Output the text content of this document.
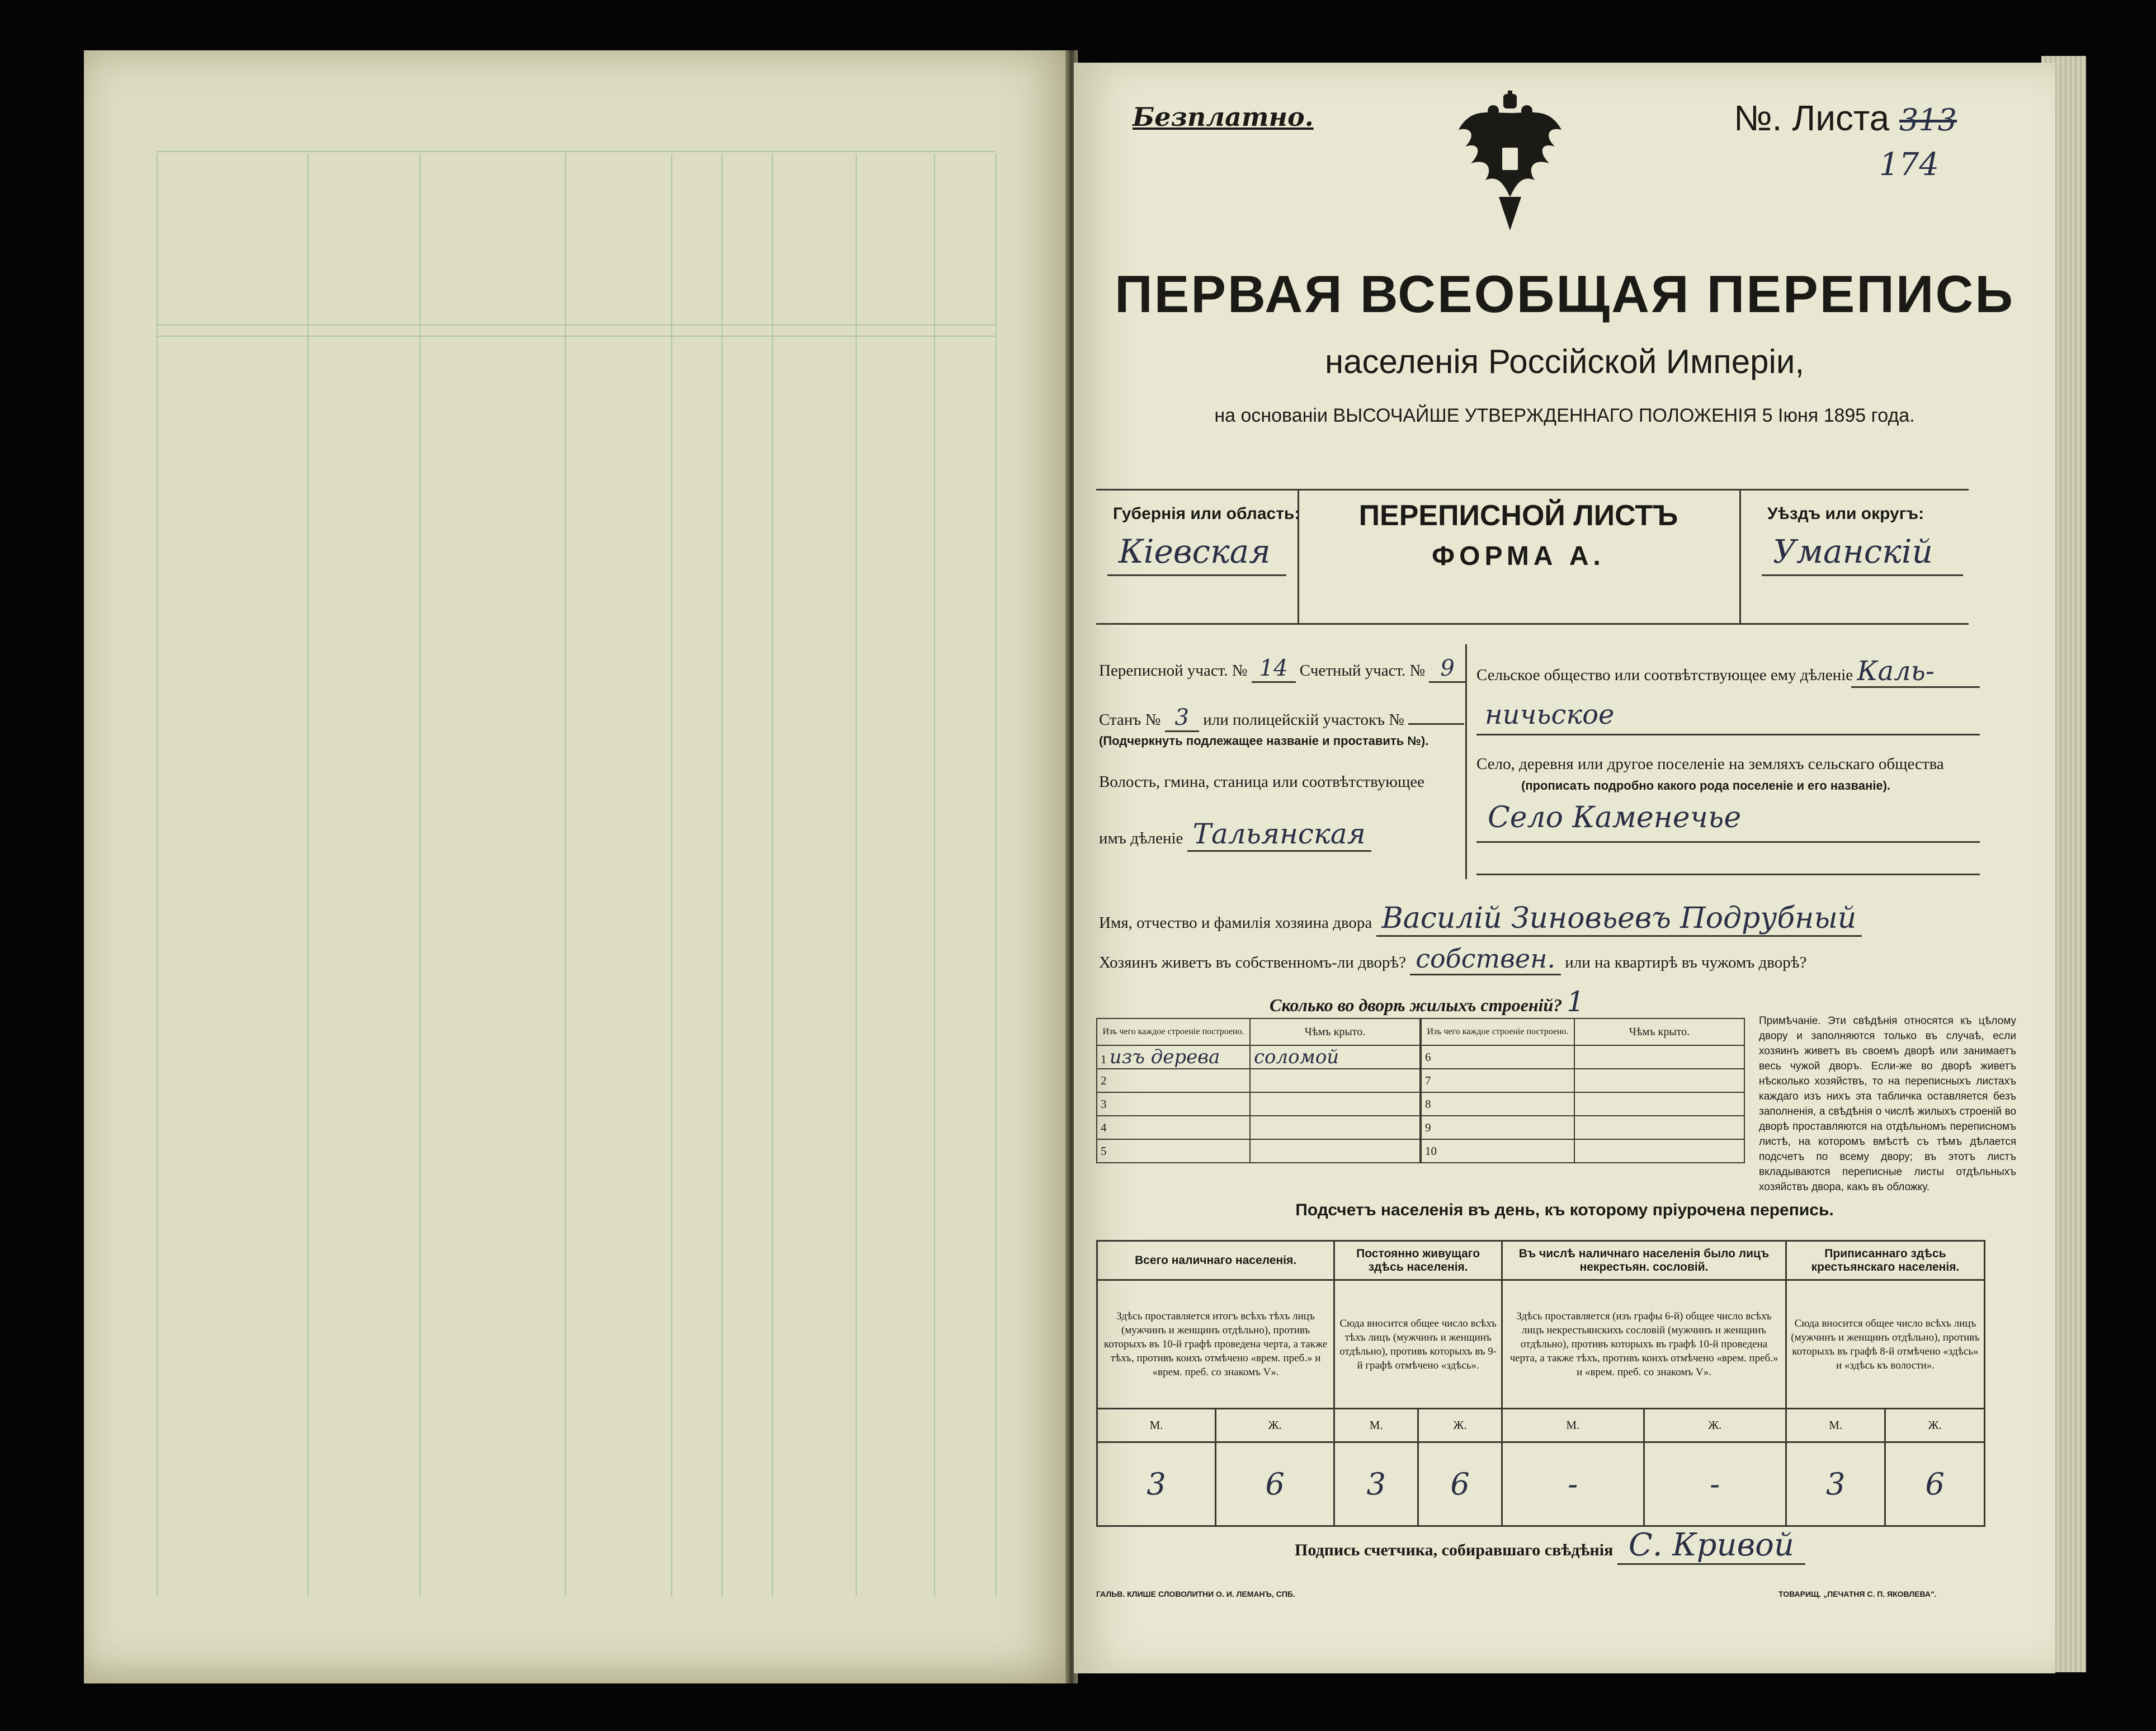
Безплатно.	№. Листа 313
174
ПЕРВАЯ ВСЕОБЩАЯ ПЕРЕПИСЬ
населенія Россійской Имперіи,
на основаніи ВЫСОЧАЙШЕ УТВЕРЖДЕННАГО ПОЛОЖЕНІЯ 5 Іюня 1895 года.
Губернія или область:
Кіевская
ПЕРЕПИСНОЙ ЛИСТЪ
ФОРМА А.
Уѣздъ или округъ:
Уманскій
Переписной участ. № 14 Счетный участ. № 9
Станъ № 3 или полицейскій участокъ №
(Подчеркнуть подлежащее названіе и проставить №).
Волость, гмина, станица или соотвѣтствующее
имъ дѣленіе Тальянская
Сельское общество или соотвѣтствующее ему дѣленіе Каль-
ничьское
Село, деревня или другое поселеніе на земляхъ сельскаго общества
(прописать подробно какого рода поселеніе и его названіе).
Село Каменечье
Имя, отчество и фамилія хозяина двора Василій Зиновьевъ Подрубный
Хозяинъ живетъ въ собственномъ-ли дворѣ? собствен. или на квартирѣ въ чужомъ дворѣ?
Сколько во дворѣ жилыхъ строеній? 1
Изъ чего каждое строеніе построено.	Чѣмъ крыто.
1 изъ дерева	соломой
2	
3	
4	
5	
Изъ чего каждое строеніе построено.	Чѣмъ крыто.
6	
7	
8	
9	
10	
Примѣчаніе. Эти свѣдѣнія относятся къ цѣлому двору и заполняются только въ случаѣ, если хозяинъ живетъ въ своемъ дворѣ или занимаетъ весь чужой дворъ. Если-же во дворѣ живетъ нѣсколько хозяйствъ, то на переписныхъ листахъ каждаго изъ нихъ эта табличка оставляется безъ заполненія, а свѣдѣнія о числѣ жилыхъ строеній во дворѣ проставляются на отдѣльномъ переписномъ листѣ, на которомъ вмѣстѣ съ тѣмъ дѣлается подсчетъ по всему двору; въ этотъ листъ вкладываются переписные листы отдѣльныхъ хозяйствъ двора, какъ въ обложку.
Подсчетъ населенія въ день, къ которому пріурочена перепись.
Всего наличнаго населенія.		Постоянно живущаго здѣсь населенія.		Въ числѣ наличнаго населенія было лицъ некрестьян. сословій.		Приписаннаго здѣсь крестьянскаго населенія.	
Здѣсь проставляется итогъ всѣхъ тѣхъ лицъ (мужчинъ и женщинъ отдѣльно), противъ которыхъ въ 10-й графѣ проведена черта, а также тѣхъ, противъ коихъ отмѣчено «врем. преб.» и «врем. преб. со знакомъ V».		Сюда вносится общее число всѣхъ тѣхъ лицъ (мужчинъ и женщинъ отдѣльно), противъ которыхъ въ 9-й графѣ отмѣчено «здѣсь».		Здѣсь проставляется (изъ графы 6-й) общее число всѣхъ лицъ некрестьянскихъ сословій (мужчинъ и женщинъ отдѣльно), противъ которыхъ въ графѣ 10-й проведена черта, а также тѣхъ, противъ коихъ отмѣчено «врем. преб.» и «врем. преб. со знакомъ V».		Сюда вносится общее число всѣхъ лицъ (мужчинъ и женщинъ отдѣльно), противъ которыхъ въ графѣ 8-й отмѣчено «здѣсь» и «здѣсь къ волости».	
М.	Ж.	М.	Ж.	М.	Ж.	М.	Ж.
3	6	3	6	-	-	3	6
Подпись счетчика, собиравшаго свѣдѣнія С. Кривой
ГАЛЬВ. КЛИШЕ СЛОВОЛИТНИ О. И. ЛЕМАНЪ, СПБ.	ТОВАРИЩ. „ПЕЧАТНЯ С. П. ЯКОВЛЕВА".
